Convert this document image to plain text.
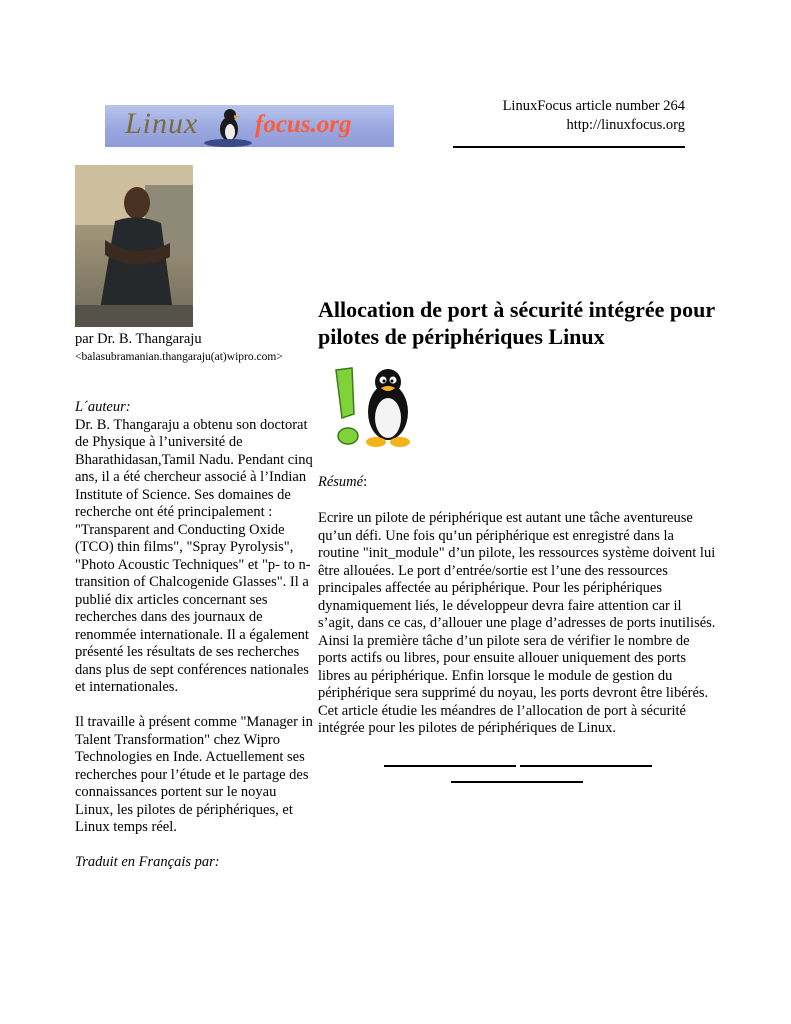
Linux focus.org
LinuxFocus article number 264
http://linuxfocus.org
par Dr. B. Thangaraju
<balasubramanian.thangaraju(at)wipro.com>

L´auteur:

Dr. B. Thangaraju a obtenu son doctorat de Physique à l’université de Bharathidasan,Tamil Nadu. Pendant cinq ans, il a été chercheur associé à l’Indian Institute of Science. Ses domaines de recherche ont été principalement : "Transparent and Conducting Oxide (TCO) thin films", "Spray Pyrolysis", "Photo Acoustic Techniques" et "p- to n- transition of Chalcogenide Glasses". Il a publié dix articles concernant ses recherches dans des journaux de renommée internationale. Il a également présenté les résultats de ses recherches dans plus de sept conférences nationales et internationales.

Il travaille à présent comme "Manager in Talent Transformation" chez Wipro Technologies en Inde. Actuellement ses recherches pour l’étude et le partage des connaissances portent sur le noyau Linux, les pilotes de périphériques, et Linux temps réel.

Traduit en Français par:

Allocation de port à sécurité intégrée pour pilotes de périphériques Linux
Résumé:

Ecrire un pilote de périphérique est autant une tâche aventureuse qu’un défi. Une fois qu’un périphérique est enregistré dans la routine "init_module" d’un pilote, les ressources système doivent lui être allouées. Le port d’entrée/sortie est l’une des ressources principales affectée au périphérique. Pour les périphériques dynamiquement liés, le développeur devra faire attention car il s’agit, dans ce cas, d’allouer une plage d’adresses de ports inutilisés. Ainsi la première tâche d’un pilote sera de vérifier le nombre de ports actifs ou libres, pour ensuite allouer uniquement des ports libres au périphérique. Enfin lorsque le module de gestion du périphérique sera supprimé du noyau, les ports devront être libérés. Cet article étudie les méandres de l’allocation de port à sécurité intégrée pour les pilotes de périphériques de Linux.
